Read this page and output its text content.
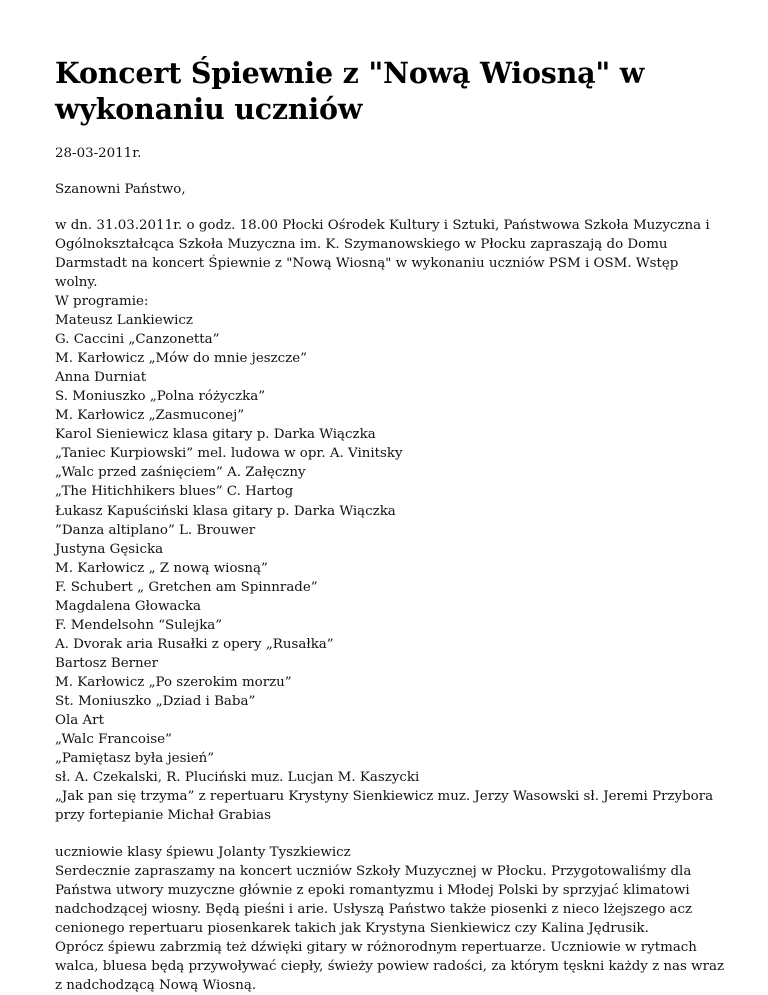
Koncert Śpiewnie z "Nową Wiosną" w wykonaniu uczniów

28-03-2011r.

Szanowni Państwo,

w dn. 31.03.2011r. o godz. 18.00 Płocki Ośrodek Kultury i Sztuki, Państwowa Szkoła Muzyczna i Ogólnokształcąca Szkoła Muzyczna im. K. Szymanowskiego w Płocku zapraszają do Domu Darmstadt na koncert Śpiewnie z "Nową Wiosną" w wykonaniu uczniów PSM i OSM. Wstęp wolny.

W programie:
Mateusz Lankiewicz
G. Caccini „Canzonetta”
M. Karłowicz „Mów do mnie jeszcze”
Anna Durniat
S. Moniuszko „Polna różyczka”
M. Karłowicz „Zasmuconej”
Karol Sieniewicz klasa gitary p. Darka Wiączka
„Taniec Kurpiowski” mel. ludowa w opr. A. Vinitsky
„Walc przed zaśnięciem” A. Załęczny
„The Hitichhikers blues” C. Hartog
Łukasz Kapuściński klasa gitary p. Darka Wiączka
”Danza altiplano” L. Brouwer
Justyna Gęsicka
M. Karłowicz „ Z nową wiosną”
F. Schubert „ Gretchen am Spinnrade”
Magdalena Głowacka
F. Mendelsohn “Sulejka”
A. Dvorak aria Rusałki z opery „Rusałka”
Bartosz Berner
M. Karłowicz „Po szerokim morzu”
St. Moniuszko „Dziad i Baba”
Ola Art
„Walc Francoise”
„Pamiętasz była jesień”
sł. A. Czekalski, R. Pluciński muz. Lucjan M. Kaszycki
„Jak pan się trzyma” z repertuaru Krystyny Sienkiewicz muz. Jerzy Wasowski sł. Jeremi Przybora
przy fortepianie Michał Grabias

uczniowie klasy śpiewu Jolanty Tyszkiewicz

Serdecznie zapraszamy na koncert uczniów Szkoły Muzycznej w Płocku. Przygotowaliśmy dla Państwa utwory muzyczne głównie z epoki romantyzmu i Młodej Polski by sprzyjać klimatowi nadchodzącej wiosny. Będą pieśni i arie. Usłyszą Państwo także piosenki z nieco lżejszego acz cenionego repertuaru piosenkarek takich jak Krystyna Sienkiewicz czy Kalina Jędrusik.

Oprócz śpiewu zabrzmią też dźwięki gitary w różnorodnym repertuarze. Uczniowie w rytmach walca, bluesa będą przywoływać ciepły, świeży powiew radości, za którym tęskni każdy z nas wraz z nadchodzącą Nową Wiosną.
